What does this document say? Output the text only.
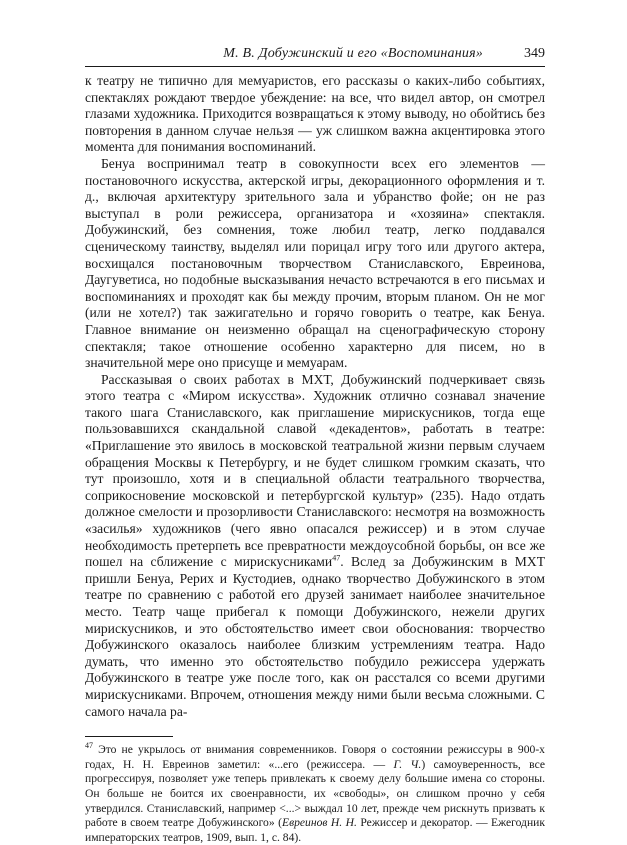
М. В. Добужинский и его «Воспоминания»	349

к театру не типично для мемуаристов, его рассказы о каких-либо событиях, спектаклях рождают твердое убеждение: на все, что видел автор, он смотрел глазами художника. Приходится возвращаться к этому выводу, но обойтись без повторения в данном случае нельзя — уж слишком важна акцентировка этого момента для понимания воспоминаний.

Бенуа воспринимал театр в совокупности всех его элементов — постановочного искусства, актерской игры, декорационного оформления и т. д., включая архитектуру зрительного зала и убранство фойе; он не раз выступал в роли режиссера, организатора и «хозяина» спектакля. Добужинский, без сомнения, тоже любил театр, легко поддавался сценическому таинству, выделял или порицал игру того или другого актера, восхищался постановочным творчеством Станиславского, Евреинова, Даугуветиса, но подобные высказывания нечасто встречаются в его письмах и воспоминаниях и проходят как бы между прочим, вторым планом. Он не мог (или не хотел?) так зажигательно и горячо говорить о театре, как Бенуа. Главное внимание он неизменно обращал на сценографическую сторону спектакля; такое отношение особенно характерно для писем, но в значительной мере оно присуще и мемуарам.

Рассказывая о своих работах в МХТ, Добужинский подчеркивает связь этого театра с «Миром искусства». Художник отлично сознавал значение такого шага Станиславского, как приглашение мирискусников, тогда еще пользовавшихся скандальной славой «декадентов», работать в театре: «Приглашение это явилось в московской театральной жизни первым случаем обращения Москвы к Петербургу, и не будет слишком громким сказать, что тут произошло, хотя и в специальной области театрального творчества, соприкосновение московской и петербургской культур» (235). Надо отдать должное смелости и прозорливости Станиславского: несмотря на возможность «засилья» художников (чего явно опасался режиссер) и в этом случае необходимость претерпеть все превратности междоусобной борьбы, он все же пошел на сближение с мирискусниками$^{47}$. Вслед за Добужинским в МХТ пришли Бенуа, Рерих и Кустодиев, однако творчество Добужинского в этом театре по сравнению с работой его друзей занимает наиболее значительное место. Театр чаще прибегал к помощи Добужинского, нежели других мирискусников, и это обстоятельство имеет свои обоснования: творчество Добужинского оказалось наиболее близким устремлениям театра. Надо думать, что именно это обстоятельство побудило режиссера удержать Добужинского в театре уже после того, как он расстался со всеми другими мирискусниками. Впрочем, отношения между ними были весьма сложными. С самого начала ра-

$^{47}$ Это не укрылось от внимания современников. Говоря о состоянии режиссуры в 900-х годах, Н. Н. Евреинов заметил: «...его (режиссера. — Г. Ч.) самоуверенность, все прогрессируя, позволяет уже теперь привлекать к своему делу большие имена со стороны. Он больше не боится их своенравности, их «свободы», он слишком прочно у себя утвердился. Станиславский, например <...> выждал 10 лет, прежде чем рискнуть призвать к работе в своем театре Добужинского» (Евреинов Н. Н. Режиссер и декоратор. — Ежегодник императорских театров, 1909, вып. 1, с. 84).
